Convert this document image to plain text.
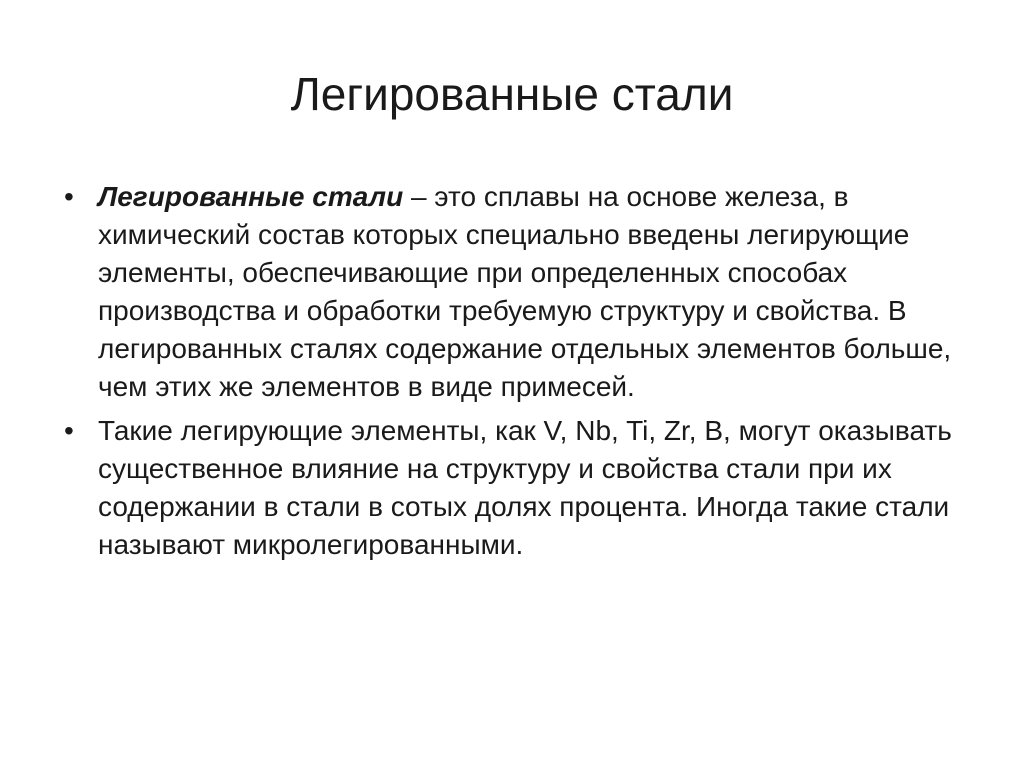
Легированные стали
• Легированные стали – это сплавы на основе железа, в химический состав которых специально введены легирующие элементы, обеспечивающие при определенных способах производства и обработки требуемую структуру и свойства. В легированных сталях содержание отдельных элементов больше, чем этих же элементов в виде примесей.
• Такие легирующие элементы, как V, Nb, Ti, Zr, B, могут оказывать существенное влияние на структуру и свойства стали при их содержании в стали в сотых долях процента. Иногда такие стали называют микролегированными.
